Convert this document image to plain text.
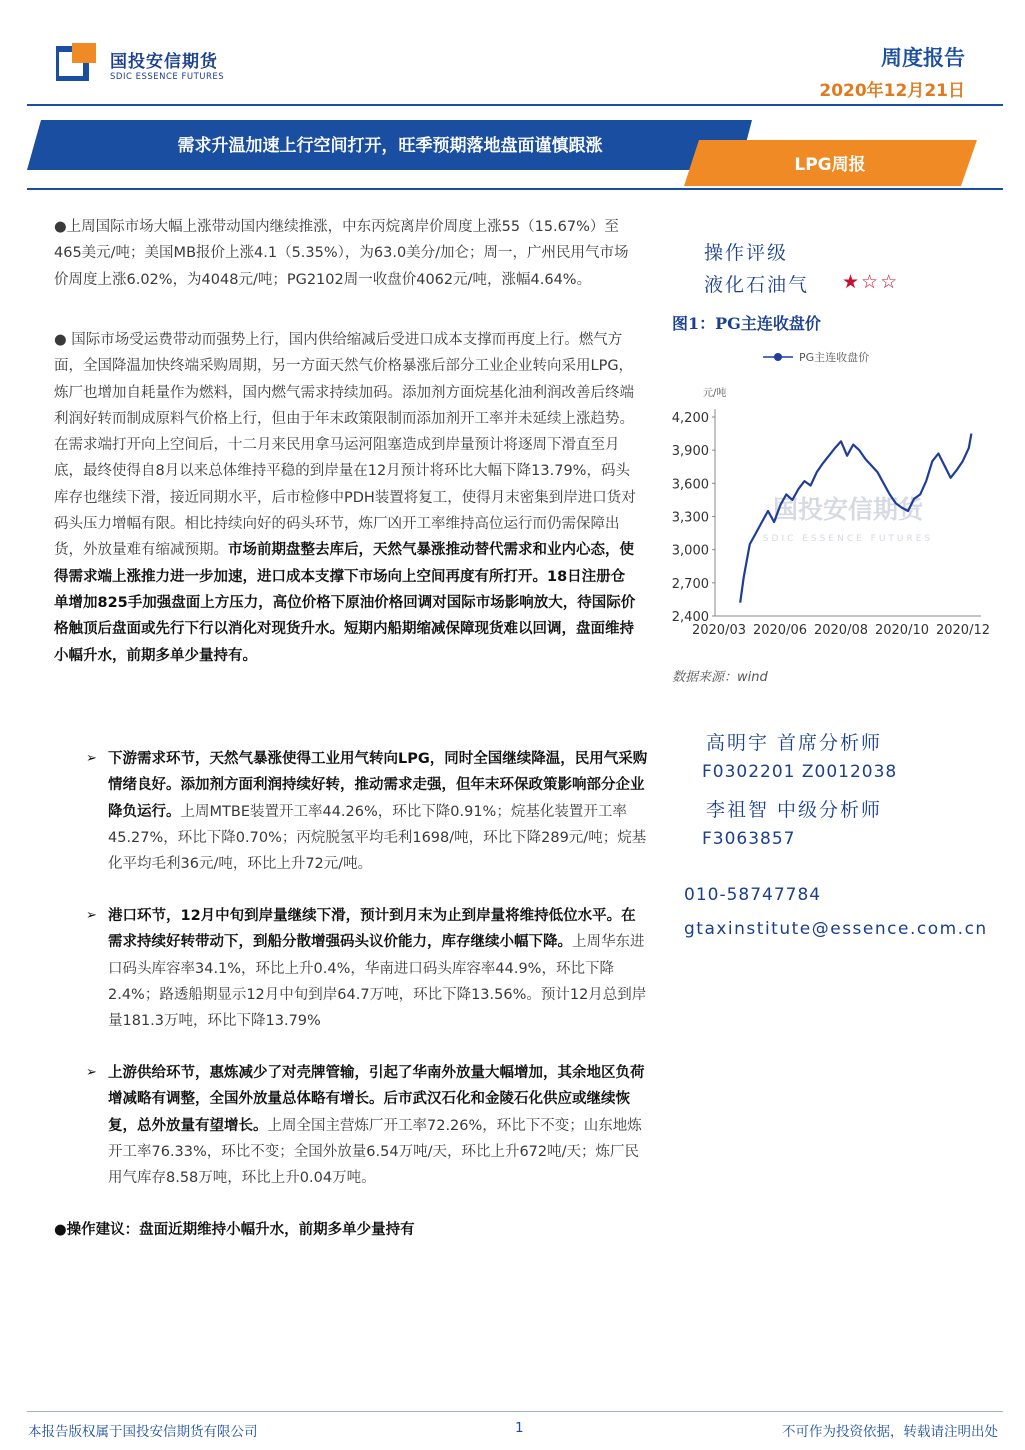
国投安信期货
SDIC ESSENCE FUTURES
周度报告
2020年12月21日
需求升温加速上行空间打开，旺季预期落地盘面谨慎跟涨
LPG周报
●上周国际市场大幅上涨带动国内继续推涨，中东丙烷离岸价周度上涨55（15.67%）至465美元/吨；美国MB报价上涨4.1（5.35%），为63.0美分/加仑；周一，广州民用气市场价周度上涨6.02%，为4048元/吨；PG2102周一收盘价4062元/吨，涨幅4.64%。
● 国际市场受运费带动而强势上行，国内供给缩减后受进口成本支撑而再度上行。燃气方面，全国降温加快终端采购周期，另一方面天然气价格暴涨后部分工业企业转向采用LPG，炼厂也增加自耗量作为燃料，国内燃气需求持续加码。添加剂方面烷基化油利润改善后终端利润好转而制成原料气价格上行，但由于年末政策限制而添加剂开工率并未延续上涨趋势。在需求端打开向上空间后，十二月来民用拿马运河阻塞造成到岸量预计将逐周下滑直至月底，最终使得自8月以来总体维持平稳的到岸量在12月预计将环比大幅下降13.79%，码头库存也继续下滑，接近同期水平，后市检修中PDH装置将复工，使得月末密集到岸进口货对码头压力增幅有限。相比持续向好的码头环节，炼厂凶开工率维持高位运行而仍需保障出货，外放量难有缩减预期。市场前期盘整去库后，天然气暴涨推动替代需求和业内心态，使得需求端上涨推力进一步加速，进口成本支撑下市场向上空间再度有所打开。18日注册仓单增加825手加强盘面上方压力，高位价格下原油价格回调对国际市场影响放大，待国际价格触顶后盘面或先行下行以消化对现货升水。短期内船期缩减保障现货难以回调，盘面维持小幅升水，前期多单少量持有。
➢ 下游需求环节，天然气暴涨使得工业用气转向LPG，同时全国继续降温，民用气采购情绪良好。添加剂方面利润持续好转，推动需求走强，但年末环保政策影响部分企业降负运行。上周MTBE装置开工率44.26%，环比下降0.91%；烷基化装置开工率45.27%，环比下降0.70%；丙烷脱氢平均毛利1698/吨，环比下降289元/吨；烷基化平均毛利36元/吨，环比上升72元/吨。
➢ 港口环节，12月中旬到岸量继续下滑，预计到月末为止到岸量将维持低位水平。在需求持续好转带动下，到船分散增强码头议价能力，库存继续小幅下降。上周华东进口码头库容率34.1%，环比上升0.4%，华南进口码头库容率44.9%，环比下降2.4%；路透船期显示12月中旬到岸64.7万吨，环比下降13.56%。预计12月总到岸量181.3万吨，环比下降13.79%
➢ 上游供给环节，惠炼减少了对壳牌管输，引起了华南外放量大幅增加，其余地区负荷增减略有调整，全国外放量总体略有增长。后市武汉石化和金陵石化供应或继续恢复，总外放量有望增长。上周全国主营炼厂开工率72.26%，环比下不变；山东地炼开工率76.33%，环比不变；全国外放量6.54万吨/天，环比上升672吨/天；炼厂民用气库存8.58万吨，环比上升0.04万吨。
●操作建议：盘面近期维持小幅升水，前期多单少量持有
操作评级
液化石油气 ★☆☆
图1：PG主连收盘价
国投安信期货
SDIC ESSENCE FUTURES
PG主连收盘价
元/吨
2,400
2,700
3,000
3,300
3,600
3,900
4,200
2020/03 2020/06 2020/08 2020/10 2020/12
数据来源：wind
高明宇 首席分析师
F0302201 Z0012038
李祖智 中级分析师
F3063857
010-58747784
gtaxinstitute@essence.com.cn
本报告版权属于国投安信期货有限公司	1	不可作为投资依据，转载请注明出处
